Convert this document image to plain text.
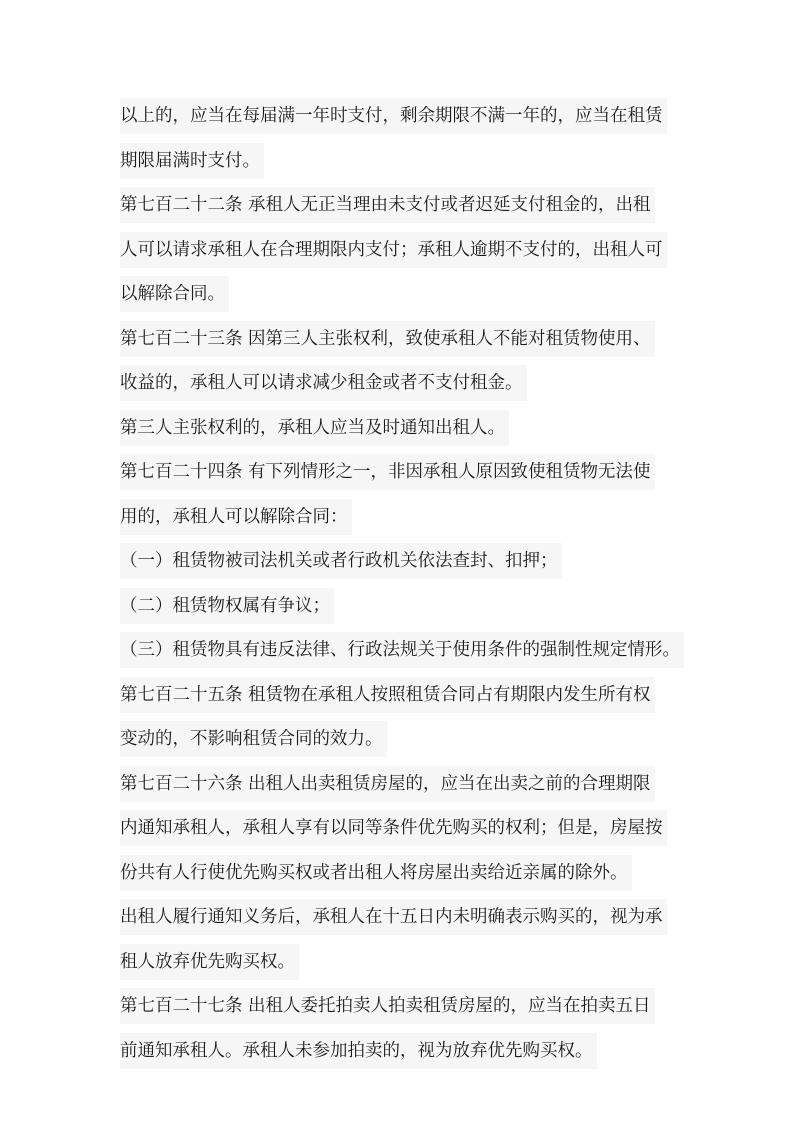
以上的，应当在每届满一年时支付，剩余期限不满一年的，应当在租赁
期限届满时支付。
第七百二十二条 承租人无正当理由未支付或者迟延支付租金的，出租
人可以请求承租人在合理期限内支付；承租人逾期不支付的，出租人可
以解除合同。
第七百二十三条 因第三人主张权利，致使承租人不能对租赁物使用、
收益的，承租人可以请求减少租金或者不支付租金。
第三人主张权利的，承租人应当及时通知出租人。
第七百二十四条 有下列情形之一，非因承租人原因致使租赁物无法使
用的，承租人可以解除合同：
（一）租赁物被司法机关或者行政机关依法查封、扣押；
（二）租赁物权属有争议；
（三）租赁物具有违反法律、行政法规关于使用条件的强制性规定情形。
第七百二十五条 租赁物在承租人按照租赁合同占有期限内发生所有权
变动的，不影响租赁合同的效力。
第七百二十六条 出租人出卖租赁房屋的，应当在出卖之前的合理期限
内通知承租人，承租人享有以同等条件优先购买的权利；但是，房屋按
份共有人行使优先购买权或者出租人将房屋出卖给近亲属的除外。
出租人履行通知义务后，承租人在十五日内未明确表示购买的，视为承
租人放弃优先购买权。
第七百二十七条 出租人委托拍卖人拍卖租赁房屋的，应当在拍卖五日
前通知承租人。承租人未参加拍卖的，视为放弃优先购买权。
